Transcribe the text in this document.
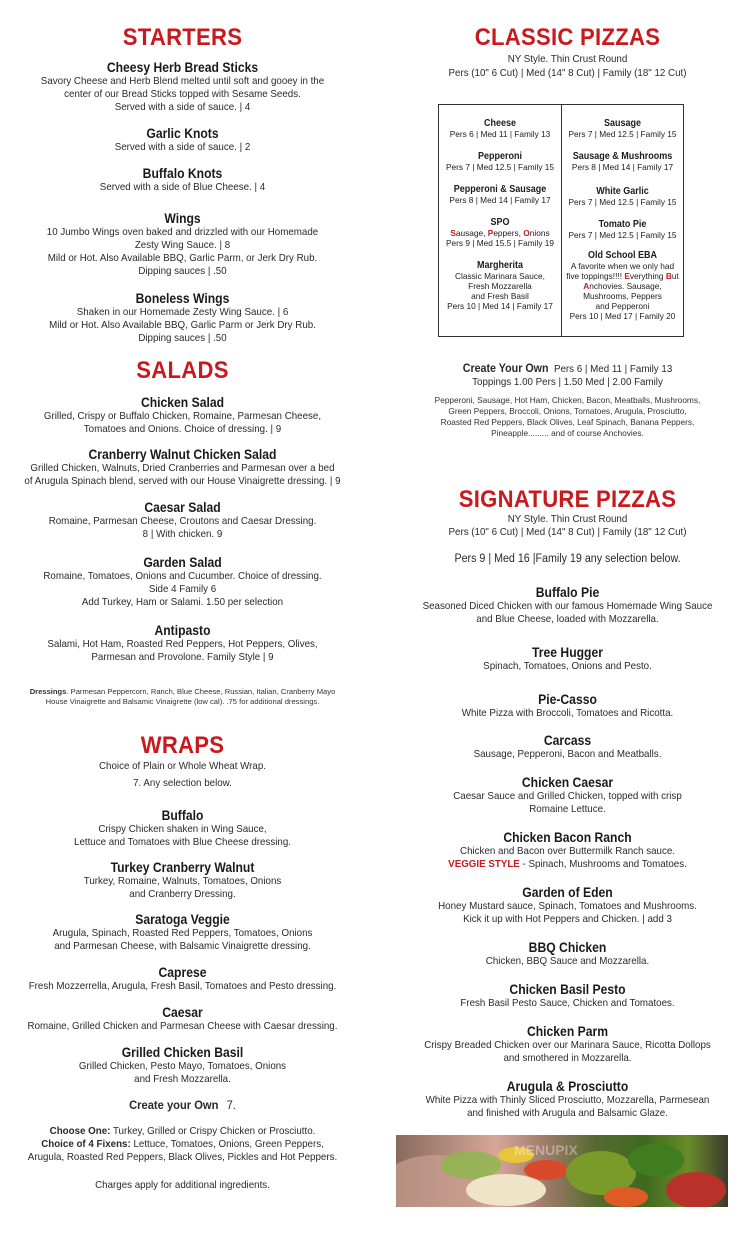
STARTERS
Cheesy Herb Bread Sticks
Savory Cheese and Herb Blend melted until soft and gooey in the
center of our Bread Sticks topped with Sesame Seeds.
Served with a side of sauce. | 4
Garlic Knots
Served with a side of sauce. | 2
Buffalo Knots
Served with a side of Blue Cheese. | 4
Wings
10 Jumbo Wings oven baked and drizzled with our Homemade
Zesty Wing Sauce. | 8
Mild or Hot. Also Available BBQ, Garlic Parm, or Jerk Dry Rub.
Dipping sauces | .50
Boneless Wings
Shaken in our Homemade Zesty Wing Sauce. | 6
Mild or Hot. Also Available BBQ, Garlic Parm or Jerk Dry Rub.
Dipping sauces | .50
SALADS
Chicken Salad
Grilled, Crispy or Buffalo Chicken, Romaine, Parmesan Cheese,
Tomatoes and Onions. Choice of dressing. | 9
Cranberry Walnut Chicken Salad
Grilled Chicken, Walnuts, Dried Cranberries and Parmesan over a bed
of Arugula Spinach blend, served with our House Vinaigrette dressing. | 9
Caesar Salad
Romaine, Parmesan Cheese, Croutons and Caesar Dressing.
8 | With chicken. 9
Garden Salad
Romaine, Tomatoes, Onions and Cucumber. Choice of dressing.
Side 4 Family 6
Add Turkey, Ham or Salami. 1.50 per selection
Antipasto
Salami, Hot Ham, Roasted Red Peppers, Hot Peppers, Olives,
Parmesan and Provolone. Family Style | 9
Dressings. Parmesan Peppercorn, Ranch, Blue Cheese, Russian, Italian, Cranberry Mayo
House Vinaigrette and Balsamic Vinaigrette (low cal). .75 for additional dressings.
WRAPS
Choice of Plain or Whole Wheat Wrap.
7. Any selection below.
Buffalo
Crispy Chicken shaken in Wing Sauce,
Lettuce and Tomatoes with Blue Cheese dressing.
Turkey Cranberry Walnut
Turkey, Romaine, Walnuts, Tomatoes, Onions
and Cranberry Dressing.
Saratoga Veggie
Arugula, Spinach, Roasted Red Peppers, Tomatoes, Onions
and Parmesan Cheese, with Balsamic Vinaigrette dressing.
Caprese
Fresh Mozzerrella, Arugula, Fresh Basil, Tomatoes and Pesto dressing.
Caesar
Romaine, Grilled Chicken and Parmesan Cheese with Caesar dressing.
Grilled Chicken Basil
Grilled Chicken, Pesto Mayo, Tomatoes, Onions
and Fresh Mozzarella.
Create your Own 7.
Choose One: Turkey, Grilled or Crispy Chicken or Prosciutto.
Choice of 4 Fixens: Lettuce, Tomatoes, Onions, Green Peppers,
Arugula, Roasted Red Peppers, Black Olives, Pickles and Hot Peppers.
Charges apply for additional ingredients.
CLASSIC PIZZAS
NY Style. Thin Crust Round
Pers (10" 6 Cut) | Med (14" 8 Cut) | Family (18" 12 Cut)
Cheese
Pers 6 | Med 11 | Family 13
Pepperoni
Pers 7 | Med 12.5 | Family 15
Pepperoni & Sausage
Pers 8 | Med 14 | Family 17
SPO
Sausage, Peppers, Onions
Pers 9 | Med 15.5 | Family 19
Margherita
Classic Marinara Sauce,
Fresh Mozzarella
and Fresh Basil
Pers 10 | Med 14 | Family 17
Sausage
Pers 7 | Med 12.5 | Family 15
Sausage & Mushrooms
Pers 8 | Med 14 | Family 17
White Garlic
Pers 7 | Med 12.5 | Family 15
Tomato Pie
Pers 7 | Med 12.5 | Family 15
Old School EBA
A favorite when we only had
five toppings!!!! Everything But
Anchovies. Sausage,
Mushrooms, Peppers
and Pepperoni
Pers 10 | Med 17 | Family 20
Create Your Own Pers 6 | Med 11 | Family 13
Toppings 1.00 Pers | 1.50 Med | 2.00 Family
Pepperoni, Sausage, Hot Ham, Chicken, Bacon, Meatballs, Mushrooms,
Green Peppers, Broccoli, Onions, Tomatoes, Arugula, Prosciutto,
Roasted Red Peppers, Black Olives, Leaf Spinach, Banana Peppers,
Pineapple......... and of course Anchovies.
SIGNATURE PIZZAS
NY Style. Thin Crust Round
Pers (10" 6 Cut) | Med (14" 8 Cut) | Family (18" 12 Cut)
Pers 9 | Med 16 |Family 19 any selection below.
Buffalo Pie
Seasoned Diced Chicken with our famous Homemade Wing Sauce
and Blue Cheese, loaded with Mozzarella.
Tree Hugger
Spinach, Tomatoes, Onions and Pesto.
Pie-Casso
White Pizza with Broccoli, Tomatoes and Ricotta.
Carcass
Sausage, Pepperoni, Bacon and Meatballs.
Chicken Caesar
Caesar Sauce and Grilled Chicken, topped with crisp
Romaine Lettuce.
Chicken Bacon Ranch
Chicken and Bacon over Buttermilk Ranch sauce.
VEGGIE STYLE - Spinach, Mushrooms and Tomatoes.
Garden of Eden
Honey Mustard sauce, Spinach, Tomatoes and Mushrooms.
Kick it up with Hot Peppers and Chicken. | add 3
BBQ Chicken
Chicken, BBQ Sauce and Mozzarella.
Chicken Basil Pesto
Fresh Basil Pesto Sauce, Chicken and Tomatoes.
Chicken Parm
Crispy Breaded Chicken over our Marinara Sauce, Ricotta Dollops
and smothered in Mozzarella.
Arugula & Prosciutto
White Pizza with Thinly Sliced Prosciutto, Mozzarella, Parmesean
and finished with Arugula and Balsamic Glaze.
MENUPIX
